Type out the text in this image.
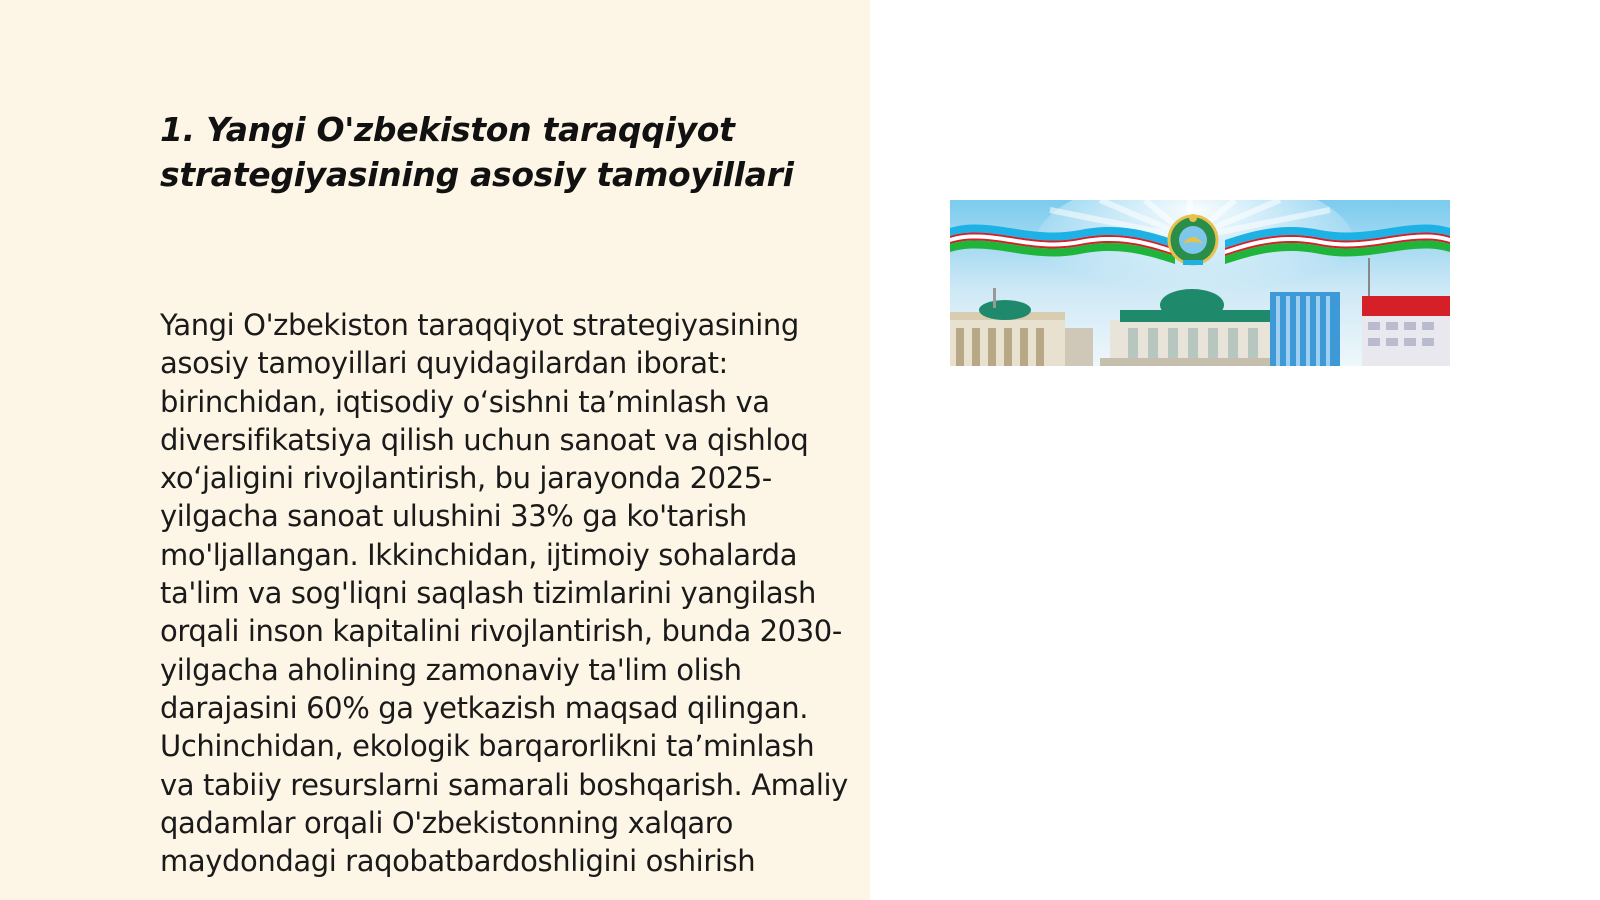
1. Yangi O'zbekiston taraqqiyot strategiyasining asosiy tamoyillari

Yangi O'zbekiston taraqqiyot strategiyasining asosiy tamoyillari quyidagilardan iborat: birinchidan, iqtisodiy o‘sishni ta’minlash va diversifikatsiya qilish uchun sanoat va qishloq xo‘jaligini rivojlantirish, bu jarayonda 2025-yilgacha sanoat ulushini 33% ga ko'tarish mo'ljallangan. Ikkinchidan, ijtimoiy sohalarda ta'lim va sog'liqni saqlash tizimlarini yangilash orqali inson kapitalini rivojlantirish, bunda 2030-yilgacha aholining zamonaviy ta'lim olish darajasini 60% ga yetkazish maqsad qilingan. Uchinchidan, ekologik barqarorlikni ta’minlash va tabiiy resurslarni samarali boshqarish. Amaliy qadamlar orqali O'zbekistonning xalqaro maydondagi raqobatbardoshligini oshirish
